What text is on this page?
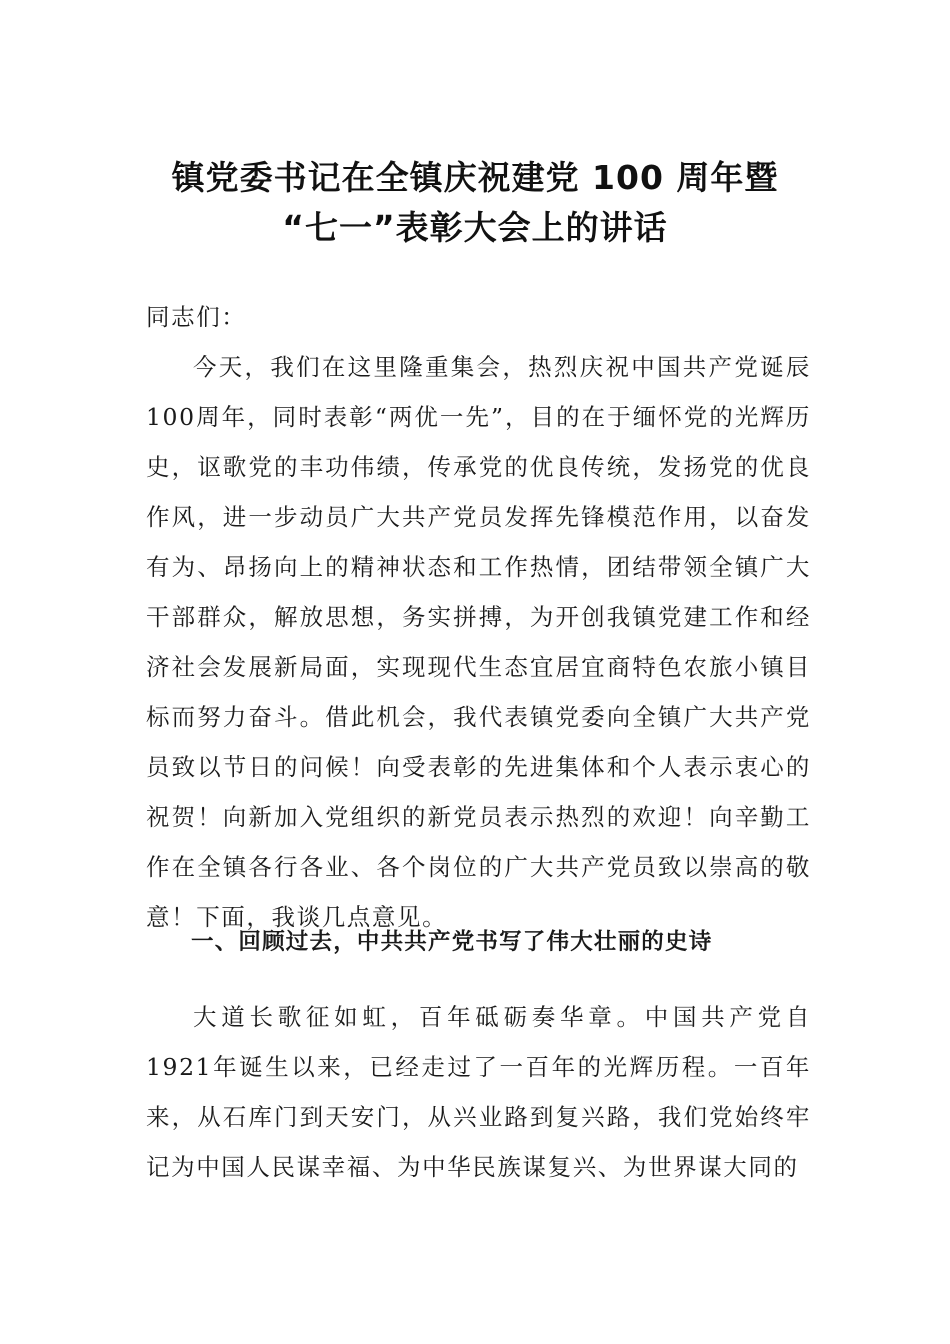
镇党委书记在全镇庆祝建党 100 周年暨
“七一”表彰大会上的讲话
同志们：
今天，我们在这里隆重集会，热烈庆祝中国共产党诞辰100周年，同时表彰“两优一先”，目的在于缅怀党的光辉历史，讴歌党的丰功伟绩，传承党的优良传统，发扬党的优良作风，进一步动员广大共产党员发挥先锋模范作用，以奋发有为、昂扬向上的精神状态和工作热情，团结带领全镇广大干部群众，解放思想，务实拼搏，为开创我镇党建工作和经济社会发展新局面，实现现代生态宜居宜商特色农旅小镇目标而努力奋斗。借此机会，我代表镇党委向全镇广大共产党员致以节日的问候！向受表彰的先进集体和个人表示衷心的祝贺！向新加入党组织的新党员表示热烈的欢迎！向辛勤工作在全镇各行各业、各个岗位的广大共产党员致以崇高的敬意！下面，我谈几点意见。
一、回顾过去，中共共产党书写了伟大壮丽的史诗
大道长歌征如虹，百年砥砺奏华章。中国共产党自 1921年诞生以来，已经走过了一百年的光辉历程。一百年来，从石库门到天安门，从兴业路到复兴路，我们党始终牢记为中国人民谋幸福、为中华民族谋复兴、为世界谋大同的
